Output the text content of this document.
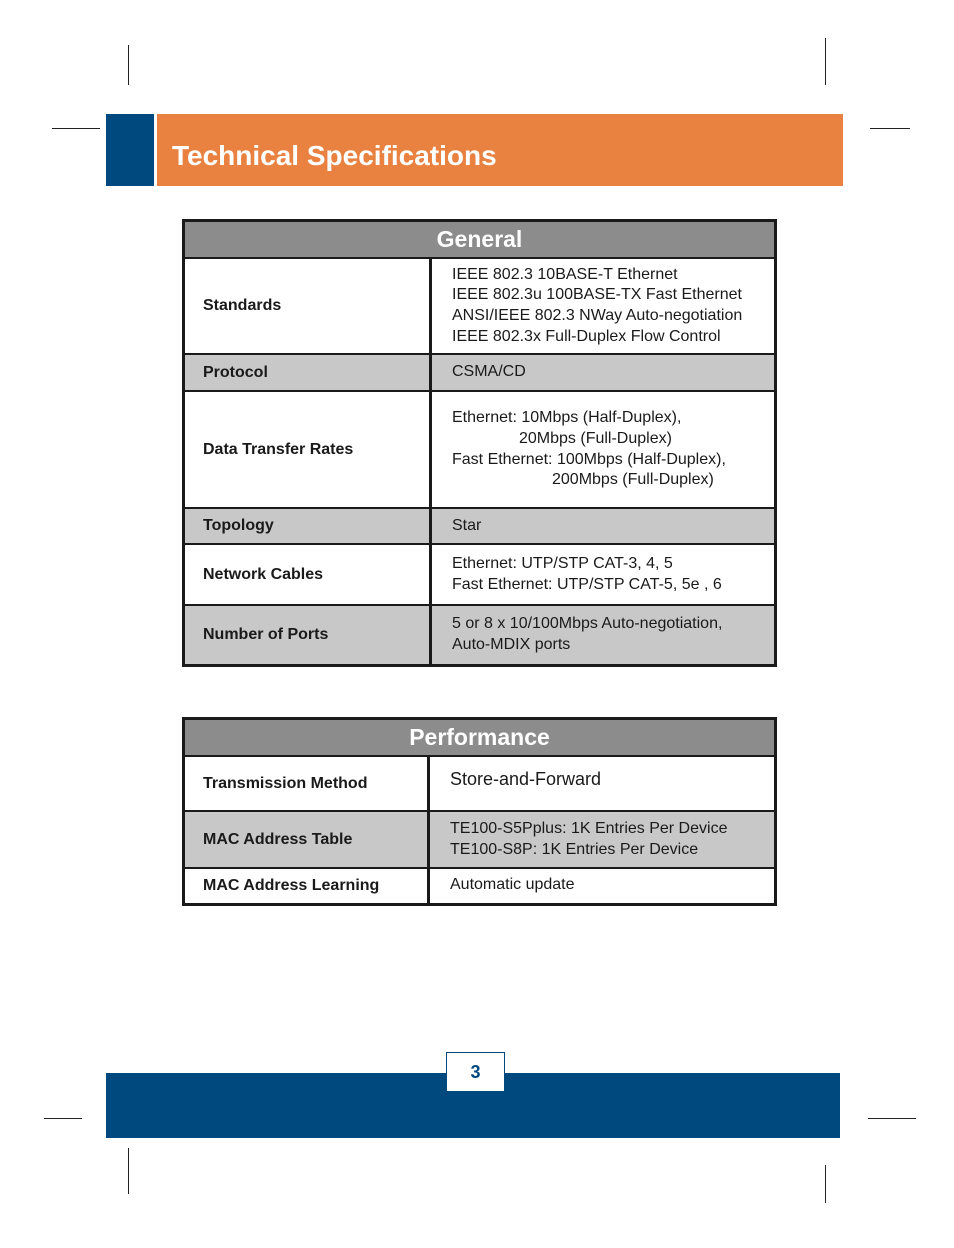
Technical Specifications
General	
Standards	IEEE 802.3 10BASE-T Ethernet
IEEE 802.3u 100BASE-TX Fast Ethernet
ANSI/IEEE 802.3 NWay Auto-negotiation
IEEE 802.3x Full-Duplex Flow Control

Protocol	CSMA/CD

Data Transfer Rates	Ethernet: 10Mbps (Half-Duplex),
20Mbps (Full-Duplex)
Fast Ethernet: 100Mbps (Half-Duplex),
200Mbps (Full-Duplex)

Topology	Star

Network Cables	Ethernet: UTP/STP CAT-3, 4, 5
Fast Ethernet: UTP/STP CAT-5, 5e , 6

Number of Ports	5 or 8 x 10/100Mbps Auto-negotiation,
Auto-MDIX ports
Performance	
Transmission Method	Store-and-Forward

MAC Address Table	TE100-S5Pplus: 1K Entries Per Device
TE100-S8P: 1K Entries Per Device

MAC Address Learning	Automatic update
3
